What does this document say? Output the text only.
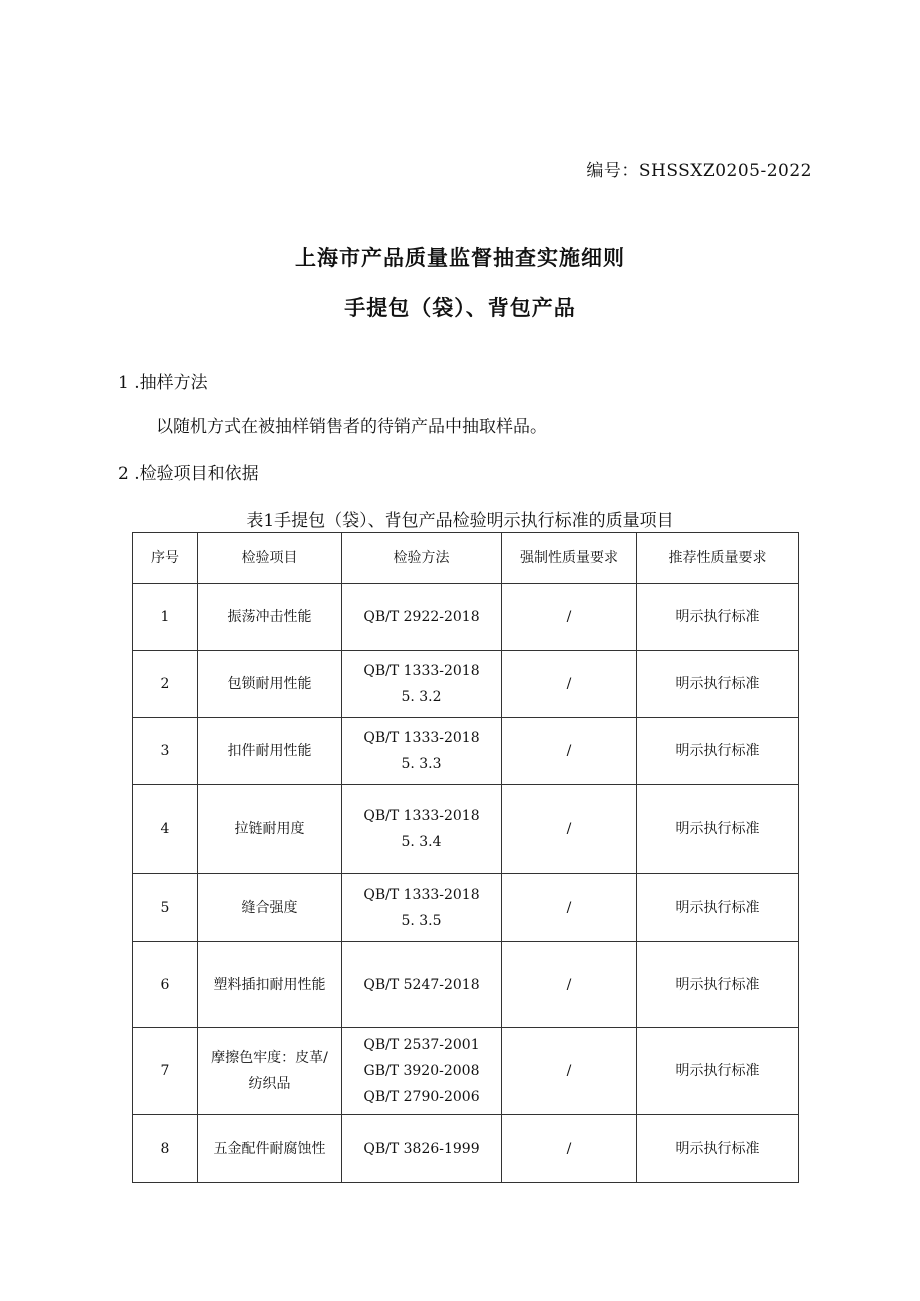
编号：SHSSXZ0205-2022
上海市产品质量监督抽查实施细则
手提包（袋）、背包产品
1 .抽样方法
以随机方式在被抽样销售者的待销产品中抽取样品。
2 .检验项目和依据
表1手提包（袋）、背包产品检验明示执行标准的质量项目
序号	检验项目	检验方法	强制性质量要求	推荐性质量要求
1	振荡冲击性能	QB/T 2922-2018	/	明示执行标准
2	包锁耐用性能	QB/T 1333-2018
5. 3.2	/	明示执行标准
3	扣件耐用性能	QB/T 1333-2018
5. 3.3	/	明示执行标准
4	拉链耐用度	QB/T 1333-2018
5. 3.4	/	明示执行标准
5	缝合强度	QB/T 1333-2018
5. 3.5	/	明示执行标准
6	塑料插扣耐用性能	QB/T 5247-2018	/	明示执行标准
7	摩擦色牢度：皮革/
纺织品	QB/T 2537-2001
GB/T 3920-2008
QB/T 2790-2006	/	明示执行标准
8	五金配件耐腐蚀性	QB/T 3826-1999	/	明示执行标准
